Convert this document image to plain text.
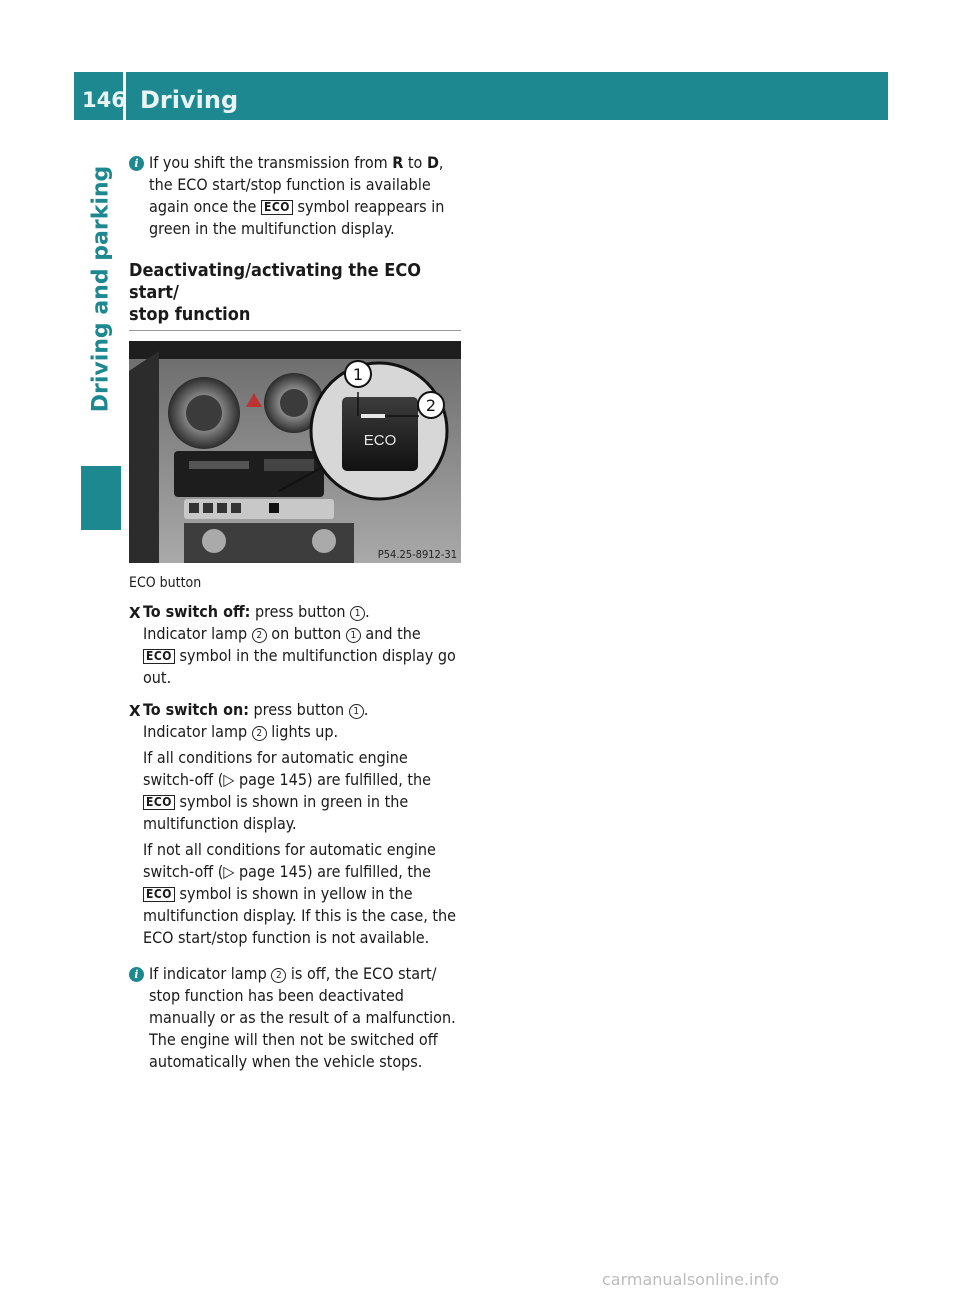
146 Driving
Driving and parking
i If you shift the transmission from R to D,
the ECO start/stop function is available
again once the ECO symbol reappears in
green in the multifunction display.
Deactivating/activating the ECO start/
stop function
ECO
1
2
P54.25-8912-31
ECO button
X To switch off: press button 1 .

Indicator lamp 2 on button 1 and the

ECO symbol in the multifunction display go

out.

X To switch on: press button 1 .

Indicator lamp 2 lights up.

If all conditions for automatic engine

switch-off (▷ page 145) are fulfilled, the

ECO symbol is shown in green in the

multifunction display.

If not all conditions for automatic engine

switch-off (▷ page 145) are fulfilled, the

ECO symbol is shown in yellow in the

multifunction display. If this is the case, the

ECO start/stop function is not available.

i If indicator lamp 2 is off, the ECO start/
stop function has been deactivated
manually or as the result of a malfunction.
The engine will then not be switched off
automatically when the vehicle stops.
carmanualsonline.info
